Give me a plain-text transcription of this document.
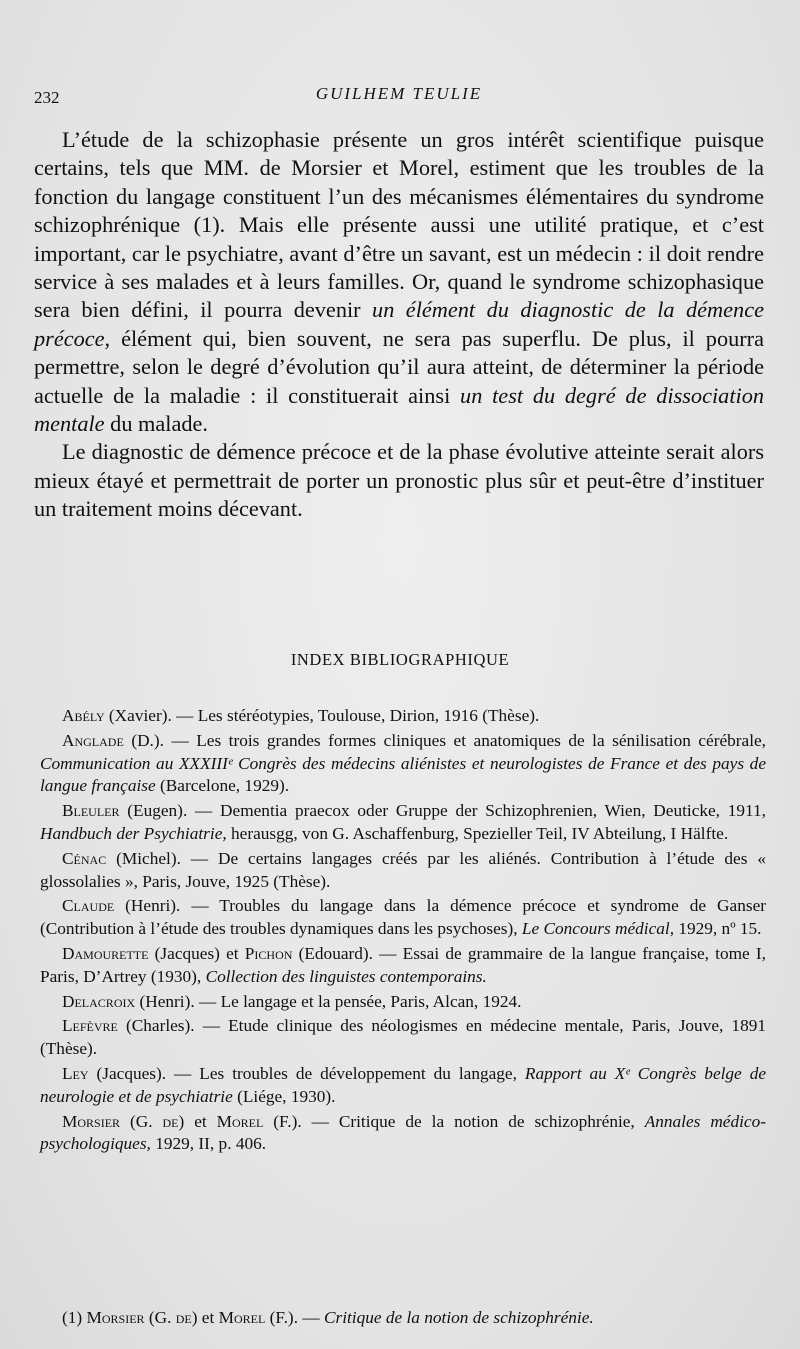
232	GUILHEM TEULIE

L’étude de la schizophasie présente un gros intérêt scientifique puisque certains, tels que MM. de Morsier et Morel, estiment que les troubles de la fonction du langage constituent l’un des mécanismes élémentaires du syndrome schizophrénique (1). Mais elle présente aussi une utilité pratique, et c’est important, car le psychiatre, avant d’être un savant, est un médecin : il doit rendre service à ses malades et à leurs familles. Or, quand le syndrome schizophasique sera bien défini, il pourra devenir un élément du diagnostic de la démence précoce, élément qui, bien souvent, ne sera pas superflu. De plus, il pourra permettre, selon le degré d’évolution qu’il aura atteint, de déterminer la période actuelle de la maladie : il constituerait ainsi un test du degré de dissociation mentale du malade.

Le diagnostic de démence précoce et de la phase évolutive atteinte serait alors mieux étayé et permettrait de porter un pronostic plus sûr et peut-être d’instituer un traitement moins décevant.

INDEX BIBLIOGRAPHIQUE

Abély (Xavier). — Les stéréotypies, Toulouse, Dirion, 1916 (Thèse).

Anglade (D.). — Les trois grandes formes cliniques et anatomiques de la sénilisation cérébrale, Communication au XXXIIIᵉ Congrès des médecins aliénistes et neurologistes de France et des pays de langue française (Barcelone, 1929).

Bleuler (Eugen). — Dementia praecox oder Gruppe der Schizophrenien, Wien, Deuticke, 1911, Handbuch der Psychiatrie, herausgg, von G. Aschaffenburg, Spezieller Teil, IV Abteilung, I Hälfte.

Cénac (Michel). — De certains langages créés par les aliénés. Contribution à l’étude des « glossolalies », Paris, Jouve, 1925 (Thèse).

Claude (Henri). — Troubles du langage dans la démence précoce et syndrome de Ganser (Contribution à l’étude des troubles dynamiques dans les psychoses), Le Concours médical, 1929, nº 15.

Damourette (Jacques) et Pichon (Edouard). — Essai de grammaire de la langue française, tome I, Paris, D’Artrey (1930), Collection des linguistes contemporains.

Delacroix (Henri). — Le langage et la pensée, Paris, Alcan, 1924.

Lefèvre (Charles). — Etude clinique des néologismes en médecine mentale, Paris, Jouve, 1891 (Thèse).

Ley (Jacques). — Les troubles de développement du langage, Rapport au Xᵉ Congrès belge de neurologie et de psychiatrie (Liége, 1930).

Morsier (G. de) et Morel (F.). — Critique de la notion de schizophrénie, Annales médico-psychologiques, 1929, II, p. 406.

(1) Morsier (G. de) et Morel (F.). — Critique de la notion de schizophrénie.
